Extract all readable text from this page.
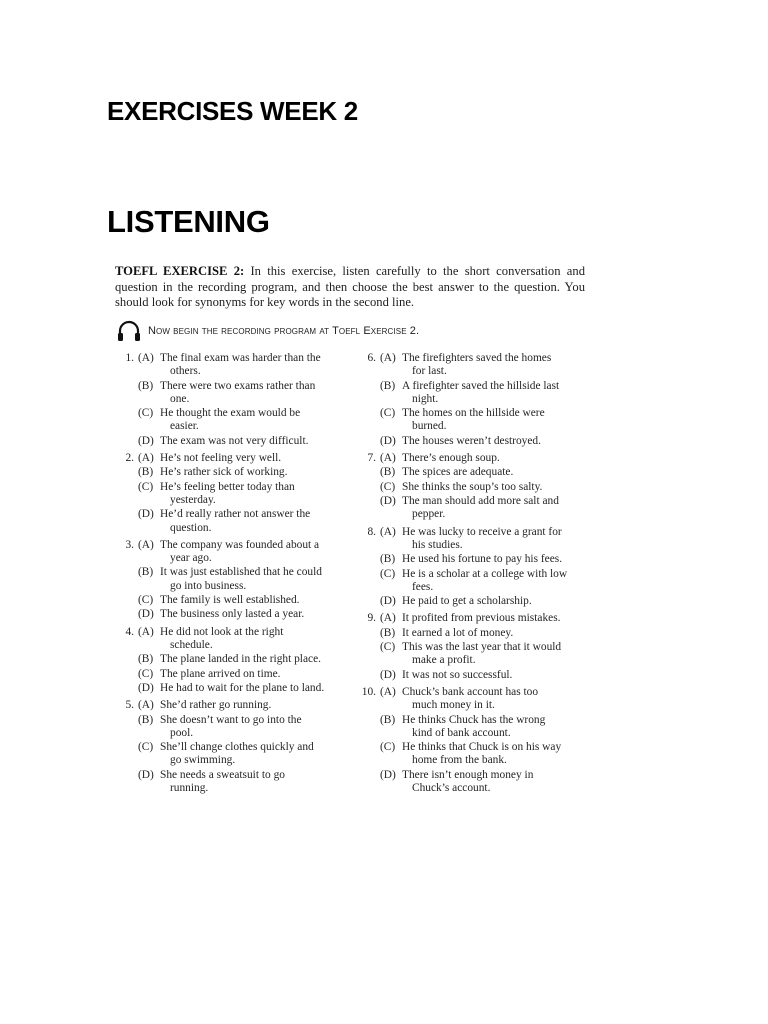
EXERCISES WEEK 2
LISTENING

TOEFL EXERCISE 2: In this exercise, listen carefully to the short conversation and question in the recording program, and then choose the best answer to the question. You should look for synonyms for key words in the second line.

Now begin the recording program at Toefl Exercise 2.
1. (A) The final exam was harder than the
others.
(B) There were two exams rather than
one.
(C) He thought the exam would be
easier.
(D) The exam was not very difficult.
2. (A) He’s not feeling very well.
(B) He’s rather sick of working.
(C) He’s feeling better today than
yesterday.
(D) He’d really rather not answer the
question.
3. (A) The company was founded about a
year ago.
(B) It was just established that he could
go into business.
(C) The family is well established.
(D) The business only lasted a year.
4. (A) He did not look at the right
schedule.
(B) The plane landed in the right place.
(C) The plane arrived on time.
(D) He had to wait for the plane to land.
5. (A) She’d rather go running.
(B) She doesn’t want to go into the
pool.
(C) She’ll change clothes quickly and
go swimming.
(D) She needs a sweatsuit to go
running.
6. (A) The firefighters saved the homes
for last.
(B) A firefighter saved the hillside last
night.
(C) The homes on the hillside were
burned.
(D) The houses weren’t destroyed.
7. (A) There’s enough soup.
(B) The spices are adequate.
(C) She thinks the soup’s too salty.
(D) The man should add more salt and
pepper.
8. (A) He was lucky to receive a grant for
his studies.
(B) He used his fortune to pay his fees.
(C) He is a scholar at a college with low
fees.
(D) He paid to get a scholarship.
9. (A) It profited from previous mistakes.
(B) It earned a lot of money.
(C) This was the last year that it would
make a profit.
(D) It was not so successful.
10. (A) Chuck’s bank account has too
much money in it.
(B) He thinks Chuck has the wrong
kind of bank account.
(C) He thinks that Chuck is on his way
home from the bank.
(D) There isn’t enough money in
Chuck’s account.
